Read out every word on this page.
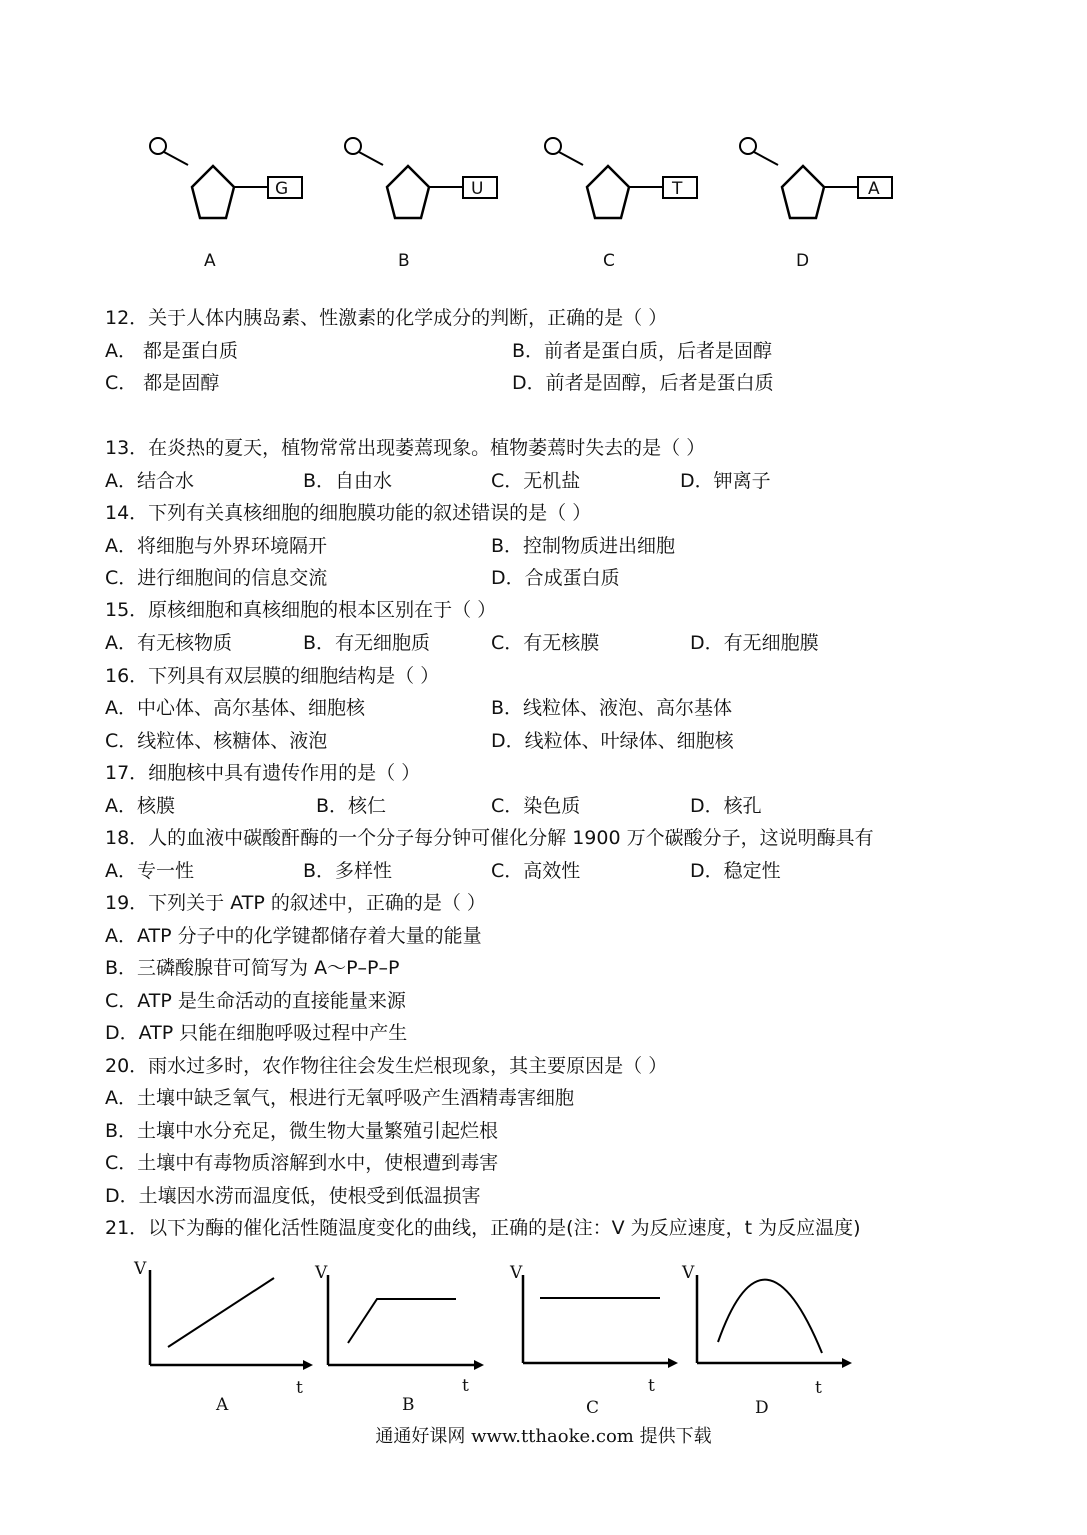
G
A
U
B
T
C
A
D
12．关于人体内胰岛素、性激素的化学成分的判断，正确的是（ ）
A． 都是蛋白质	B．前者是蛋白质，后者是固醇
C． 都是固醇	D．前者是固醇，后者是蛋白质
13．在炎热的夏天，植物常常出现萎蔫现象。植物萎蔫时失去的是（ ）
A．结合水	B．自由水	C．无机盐	D．钾离子
14．下列有关真核细胞的细胞膜功能的叙述错误的是（ ）
A．将细胞与外界环境隔开	B．控制物质进出细胞
C．进行细胞间的信息交流	D．合成蛋白质
15．原核细胞和真核细胞的根本区别在于（ ）
A．有无核物质	B．有无细胞质	C．有无核膜	D．有无细胞膜
16．下列具有双层膜的细胞结构是（ ）
A．中心体、高尔基体、细胞核	B．线粒体、液泡、高尔基体
C．线粒体、核糖体、液泡	D．线粒体、叶绿体、细胞核
17．细胞核中具有遗传作用的是（ ）
A．核膜	B．核仁	C．染色质	D．核孔
18．人的血液中碳酸酐酶的一个分子每分钟可催化分解 1900 万个碳酸分子，这说明酶具有
A．专一性	B．多样性	C．高效性	D．稳定性
19．下列关于 ATP 的叙述中，正确的是（ ）
A．ATP 分子中的化学键都储存着大量的能量
B．三磷酸腺苷可简写为 A～P–P–P
C．ATP 是生命活动的直接能量来源
D．ATP 只能在细胞呼吸过程中产生
20．雨水过多时，农作物往往会发生烂根现象，其主要原因是（ ）
A．土壤中缺乏氧气，根进行无氧呼吸产生酒精毒害细胞
B．土壤中水分充足，微生物大量繁殖引起烂根
C．土壤中有毒物质溶解到水中，使根遭到毒害
D．土壤因水涝而温度低，使根受到低温损害
21．以下为酶的催化活性随温度变化的曲线，正确的是(注：V 为反应速度，t 为反应温度)
V
t
A
V
t
B
V
t
C
V
t
D
通通好课网 www.tthaoke.com 提供下载
